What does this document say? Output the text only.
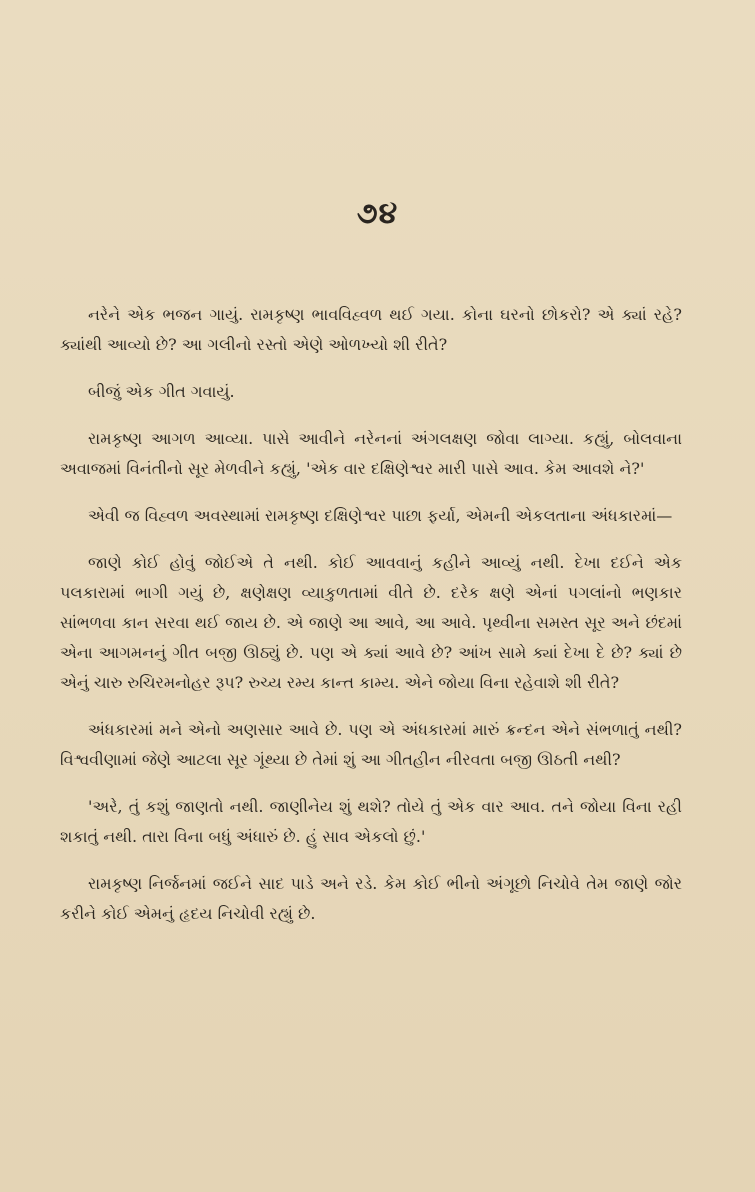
૭૪

નરેને એક ભજન ગાયું. રામકૃષ્ણ ભાવવિહ્વળ થઈ ગયા. કોના ઘરનો છોકરો? એ ક્યાં રહે? ક્યાંથી આવ્યો છે? આ ગલીનો રસ્તો એણે ઓળખ્યો શી રીતે?

બીજું એક ગીત ગવાયું.

રામકૃષ્ણ આગળ આવ્યા. પાસે આવીને નરેનનાં અંગલક્ષણ જોવા લાગ્યા. કહ્યું, બોલવાના અવાજમાં વિનંતીનો સૂર મેળવીને કહ્યું, 'એક વાર દક્ષિણેશ્વર મારી પાસે આવ. કેમ આવશે ને?'

એવી જ વિહ્વળ અવસ્થામાં રામકૃષ્ણ દક્ષિણેશ્વર પાછા ફર્યા, એમની એકલતાના અંધકારમાં—

જાણે કોઈ હોવું જોઈએ તે નથી. કોઈ આવવાનું કહીને આવ્યું નથી. દેખા દઈને એક પલકારામાં ભાગી ગયું છે, ક્ષણેક્ષણ વ્યાકુળતામાં વીતે છે. દરેક ક્ષણે એનાં પગલાંનો ભણકાર સાંભળવા કાન સરવા થઈ જાય છે. એ જાણે આ આવે, આ આવે. પૃથ્વીના સમસ્ત સૂર અને છંદમાં એના આગમનનું ગીત બજી ઊઠ્યું છે. પણ એ ક્યાં આવે છે? આંખ સામે ક્યાં દેખા દે છે? ક્યાં છે એનું ચારુ રુચિરમનોહર રૂપ? રુચ્ય રમ્ય કાન્ત કામ્ય. એને જોયા વિના રહેવાશે શી રીતે?

અંધકારમાં મને એનો અણસાર આવે છે. પણ એ અંધકારમાં મારું ક્રન્દન એને સંભળાતું નથી? વિશ્વવીણામાં જેણે આટલા સૂર ગૂંથ્યા છે તેમાં શું આ ગીતહીન નીરવતા બજી ઊઠતી નથી?

'અરે, તું કશું જાણતો નથી. જાણીનેય શું થશે? તોયે તું એક વાર આવ. તને જોયા વિના રહી શકાતું નથી. તારા વિના બધું અંધારું છે. હું સાવ એકલો છું.'

રામકૃષ્ણ નિર્જનમાં જઈને સાદ પાડે અને રડે. કેમ કોઈ ભીનો અંગૂછો નિચોવે તેમ જાણે જોર કરીને કોઈ એમનું હૃદય નિચોવી રહ્યું છે.
